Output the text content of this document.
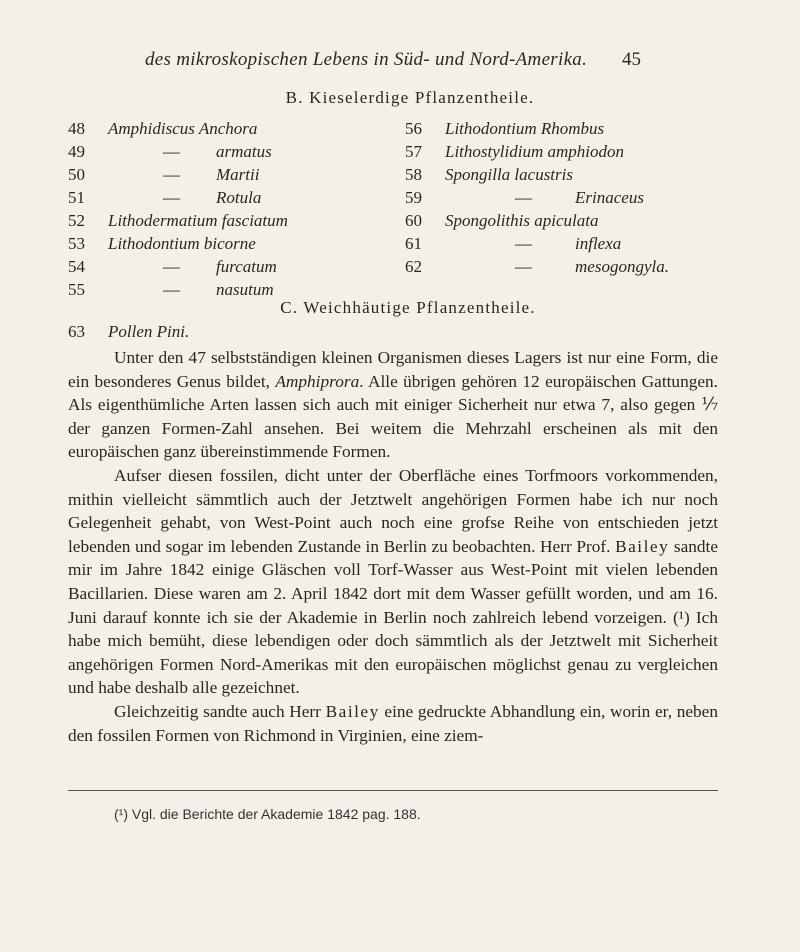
des mikroskopischen Lebens in Süd- und Nord-Amerika. 45
B. Kieselerdige Pflanzentheile.
48	Amphidiscus Anchora
49	— armatus
50	— Martii
51	— Rotula
52	Lithodermatium fasciatum
53	Lithodontium bicorne
54	— furcatum
55	— nasutum
56	Lithodontium Rhombus
57	Lithostylidium amphiodon
58	Spongilla lacustris
59	—	Erinaceus
60	Spongolithis apiculata
61	—	inflexa
62	—	mesogongyla.
C. Weichhäutige Pflanzentheile.
63 Pollen Pini.

Unter den 47 selbstständigen kleinen Organismen dieses Lagers ist nur eine Form, die ein besonderes Genus bildet, Amphiprora. Alle übrigen gehören 12 europäischen Gattungen. Als eigenthümliche Arten lassen sich auch mit einiger Sicherheit nur etwa 7, also gegen ⅐ der ganzen Formen-Zahl ansehen. Bei weitem die Mehrzahl erscheinen als mit den europäischen ganz übereinstimmende Formen.

Aufser diesen fossilen, dicht unter der Oberfläche eines Torfmoors vorkommenden, mithin vielleicht sämmtlich auch der Jetztwelt angehörigen Formen habe ich nur noch Gelegenheit gehabt, von West-Point auch noch eine grofse Reihe von entschieden jetzt lebenden und sogar im lebenden Zustande in Berlin zu beobachten. Herr Prof. Bailey sandte mir im Jahre 1842 einige Gläschen voll Torf-Wasser aus West-Point mit vielen lebenden Bacillarien. Diese waren am 2. April 1842 dort mit dem Wasser gefüllt worden, und am 16. Juni darauf konnte ich sie der Akademie in Berlin noch zahlreich lebend vorzeigen. (¹) Ich habe mich bemüht, diese lebendigen oder doch sämmtlich als der Jetztwelt mit Sicherheit angehörigen Formen Nord-Amerikas mit den europäischen möglichst genau zu vergleichen und habe deshalb alle gezeichnet.

Gleichzeitig sandte auch Herr Bailey eine gedruckte Abhandlung ein, worin er, neben den fossilen Formen von Richmond in Virginien, eine ziem-

(¹) Vgl. die Berichte der Akademie 1842 pag. 188.
